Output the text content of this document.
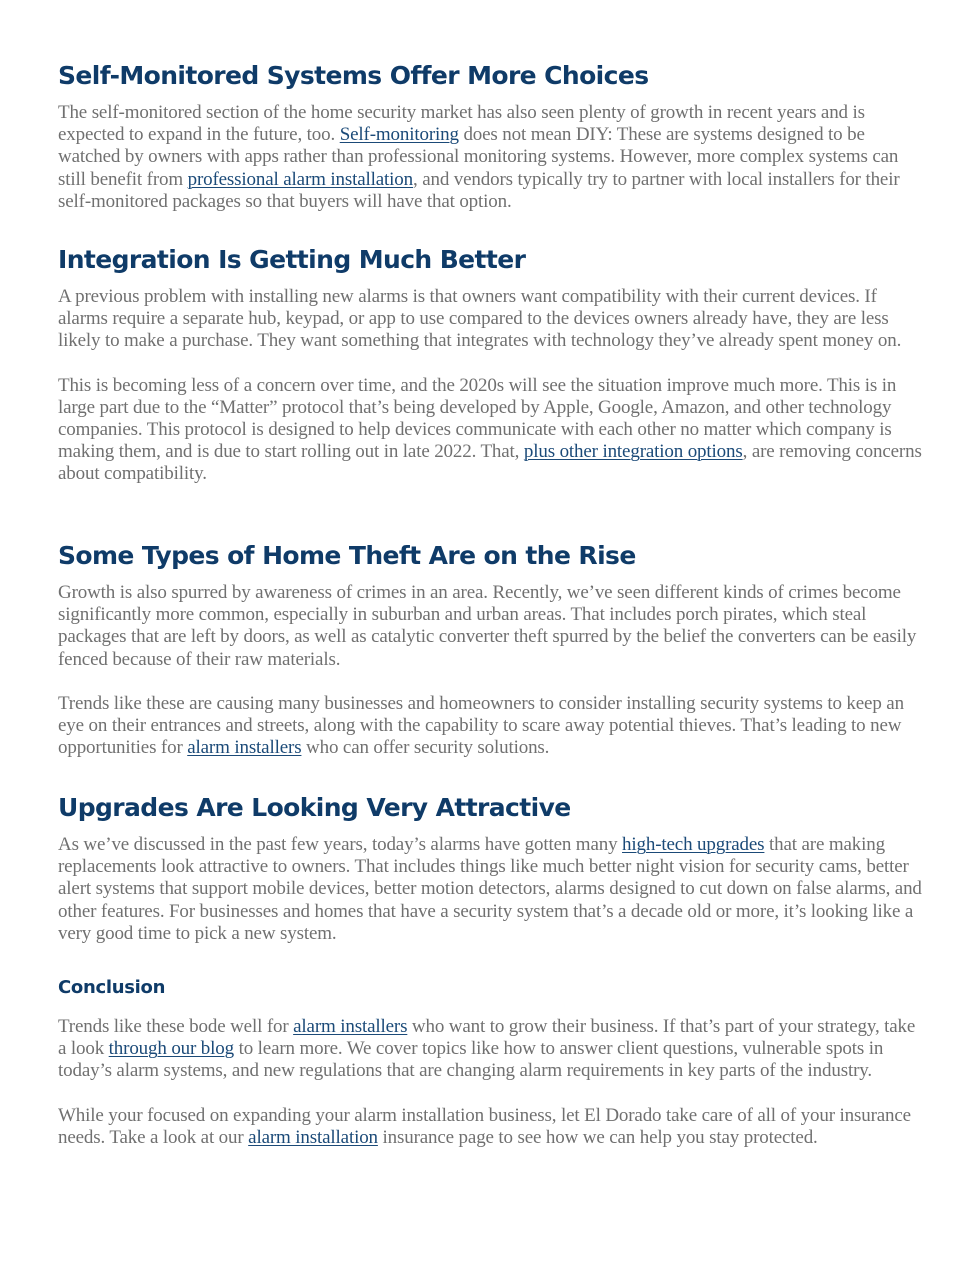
Self-Monitored Systems Offer More Choices

The self-monitored section of the home security market has also seen plenty of growth in recent years and is expected to expand in the future, too. Self-monitoring does not mean DIY: These are systems designed to be watched by owners with apps rather than professional monitoring systems. However, more complex systems can still benefit from professional alarm installation, and vendors typically try to partner with local installers for their self-monitored packages so that buyers will have that option.

Integration Is Getting Much Better

A previous problem with installing new alarms is that owners want compatibility with their current devices. If alarms require a separate hub, keypad, or app to use compared to the devices owners already have, they are less likely to make a purchase. They want something that integrates with technology they’ve already spent money on.

This is becoming less of a concern over time, and the 2020s will see the situation improve much more. This is in large part due to the “Matter” protocol that’s being developed by Apple, Google, Amazon, and other technology companies. This protocol is designed to help devices communicate with each other no matter which company is making them, and is due to start rolling out in late 2022. That, plus other integration options, are removing concerns about compatibility.

Some Types of Home Theft Are on the Rise

Growth is also spurred by awareness of crimes in an area. Recently, we’ve seen different kinds of crimes become significantly more common, especially in suburban and urban areas. That includes porch pirates, which steal packages that are left by doors, as well as catalytic converter theft spurred by the belief the converters can be easily fenced because of their raw materials.

Trends like these are causing many businesses and homeowners to consider installing security systems to keep an eye on their entrances and streets, along with the capability to scare away potential thieves. That’s leading to new opportunities for alarm installers who can offer security solutions.

Upgrades Are Looking Very Attractive

As we’ve discussed in the past few years, today’s alarms have gotten many high-tech upgrades that are making replacements look attractive to owners. That includes things like much better night vision for security cams, better alert systems that support mobile devices, better motion detectors, alarms designed to cut down on false alarms, and other features. For businesses and homes that have a security system that’s a decade old or more, it’s looking like a very good time to pick a new system.

Conclusion

Trends like these bode well for alarm installers who want to grow their business. If that’s part of your strategy, take a look through our blog to learn more. We cover topics like how to answer client questions, vulnerable spots in today’s alarm systems, and new regulations that are changing alarm requirements in key parts of the industry.

While your focused on expanding your alarm installation business, let El Dorado take care of all of your insurance needs. Take a look at our alarm installation insurance page to see how we can help you stay protected.
